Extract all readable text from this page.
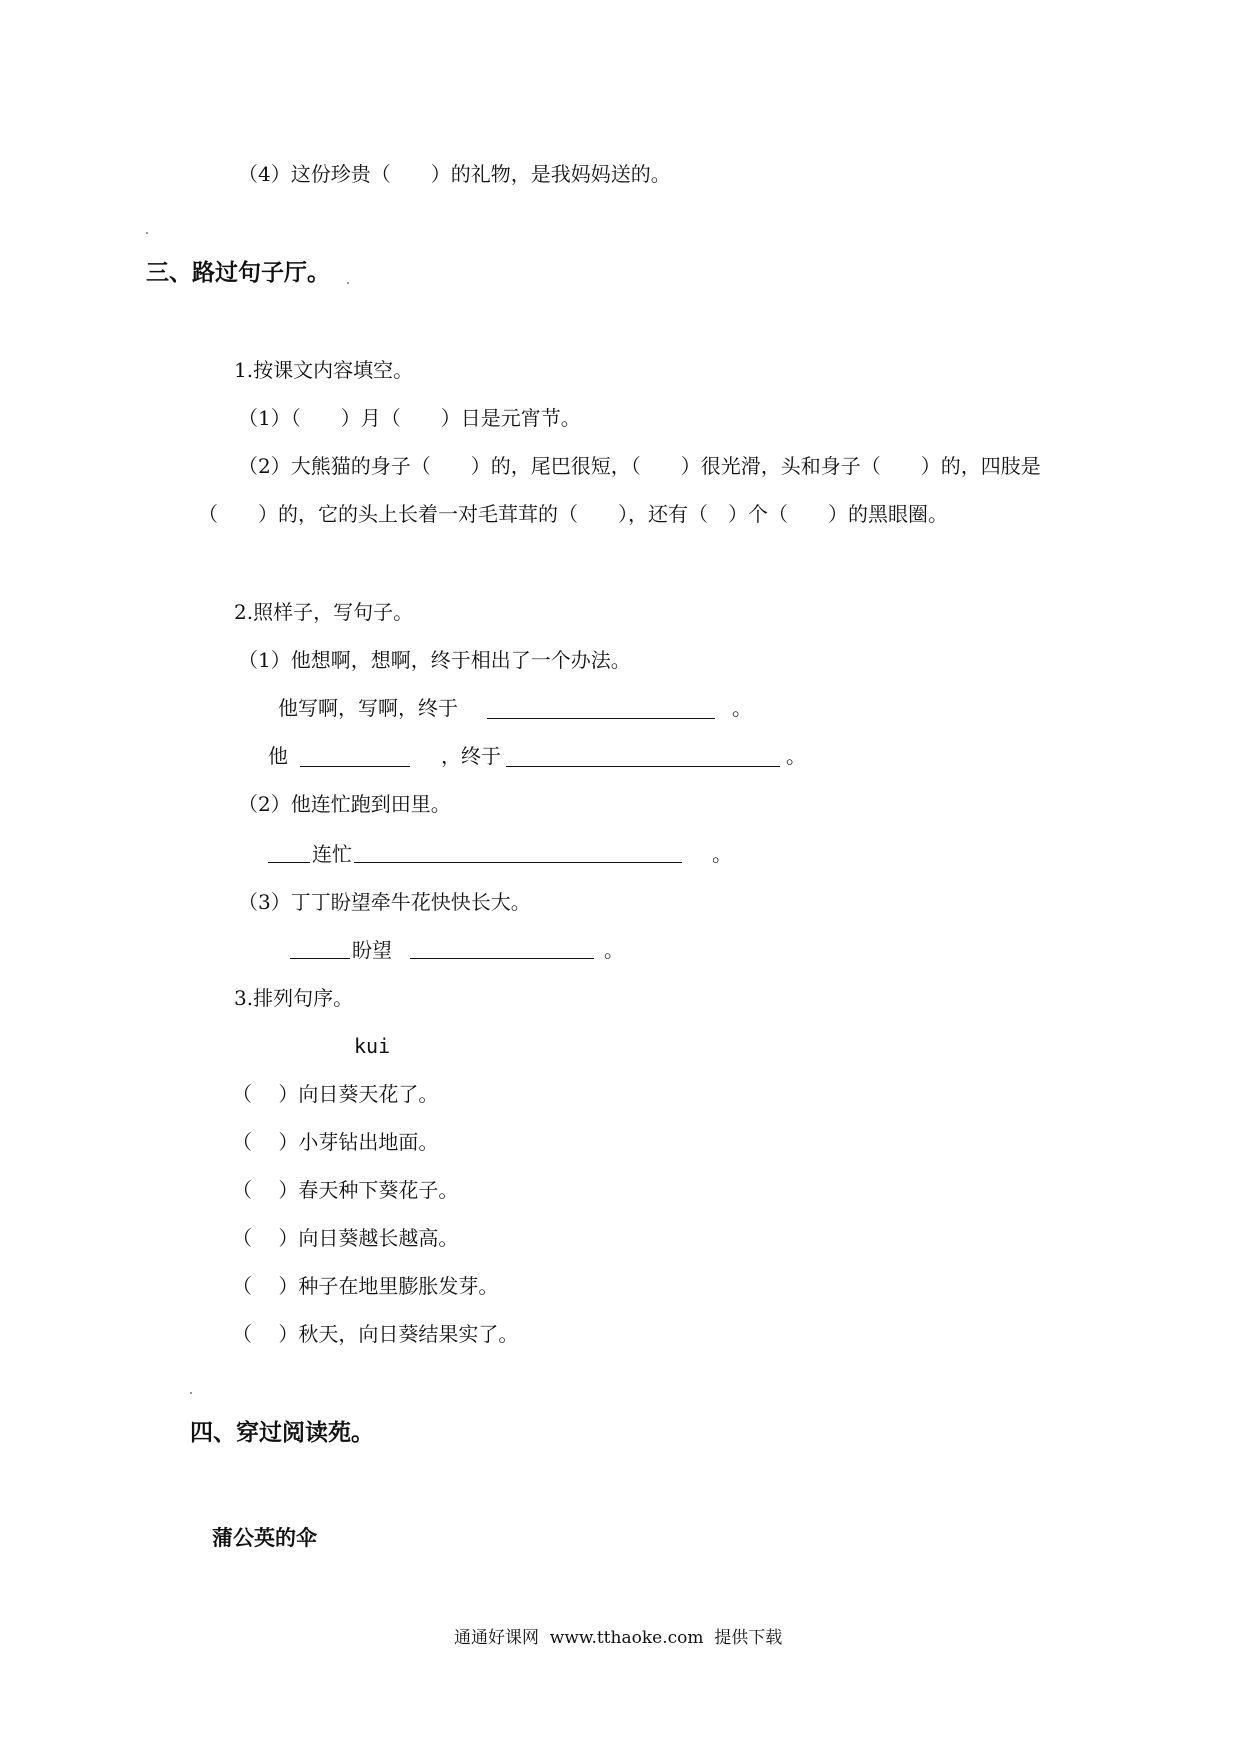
（4）这份珍贵（　　）的礼物，是我妈妈送的。
三、路过句子厅。
1.按课文内容填空。
（1）（　　）月（　　）日是元宵节。
（2）大熊猫的身子（　　）的，尾巴很短，（　　）很光滑，头和身子（　　）的，四肢是
（　　）的，它的头上长着一对毛茸茸的（　　），还有（　）个（　　）的黑眼圈。
2.照样子，写句子。
（1）他想啊，想啊，终于相出了一个办法。
他写啊，写啊，终于	。
他	，终于	。
（2）他连忙跑到田里。
连忙	。
（3）丁丁盼望牵牛花快快长大。
盼望	。
3.排列句序。
kui
（　 ）向日葵天花了。
（　 ）小芽钻出地面。
（　 ）春天种下葵花子。
（　 ）向日葵越长越高。
（　 ）种子在地里膨胀发芽。
（　 ）秋天，向日葵结果实了。
四、穿过阅读苑。
蒲公英的伞
通通好课网  www.tthaoke.com  提供下载
